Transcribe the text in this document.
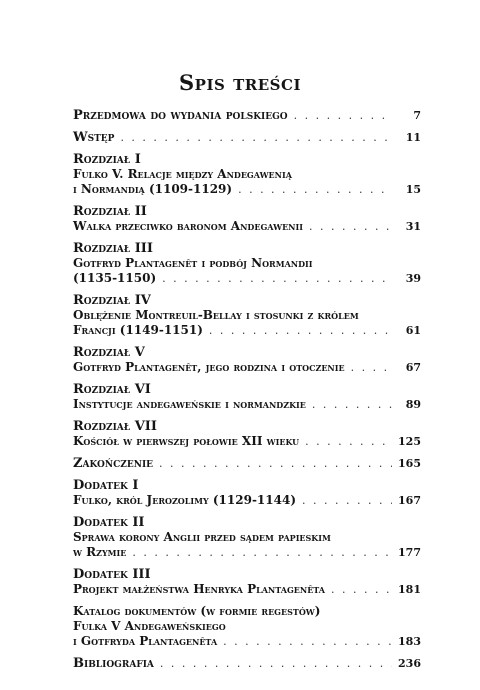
Spis treści
Przedmowa do wydania polskiego . . .	7
Wstęp . . .	11
Rozdział I
Fulko V. Relacje między Andegawenią
i Normandią (1109-1129) . . .	15
Rozdział II
Walka przeciwko baronom Andegawenii . . .	31
Rozdział III
Gotfryd Plantagenêt i podbój Normandii
(1135-1150) . . .	39
Rozdział IV
Oblężenie Montreuil-Bellay i stosunki z królem
Francji (1149-1151) . . .	61
Rozdział V
Gotfryd Plantagenêt, jego rodzina i otoczenie . . .	67
Rozdział VI
Instytucje andegaweńskie i normandzkie . . .	89
Rozdział VII
Kościół w pierwszej połowie XII wieku . . .	125
Zakończenie . . .	165
Dodatek I
Fulko, król Jerozolimy (1129-1144) . . .	167
Dodatek II
Sprawa korony Anglii przed sądem papieskim
w Rzymie . . .	177
Dodatek III
Projekt małżeństwa Henryka Plantagenêta . . .	181
Katalog dokumentów (w formie regestów)
Fulka V Andegaweńskiego
i Gotfryda Plantagenêta . . .	183
Bibliografia . . .	236
